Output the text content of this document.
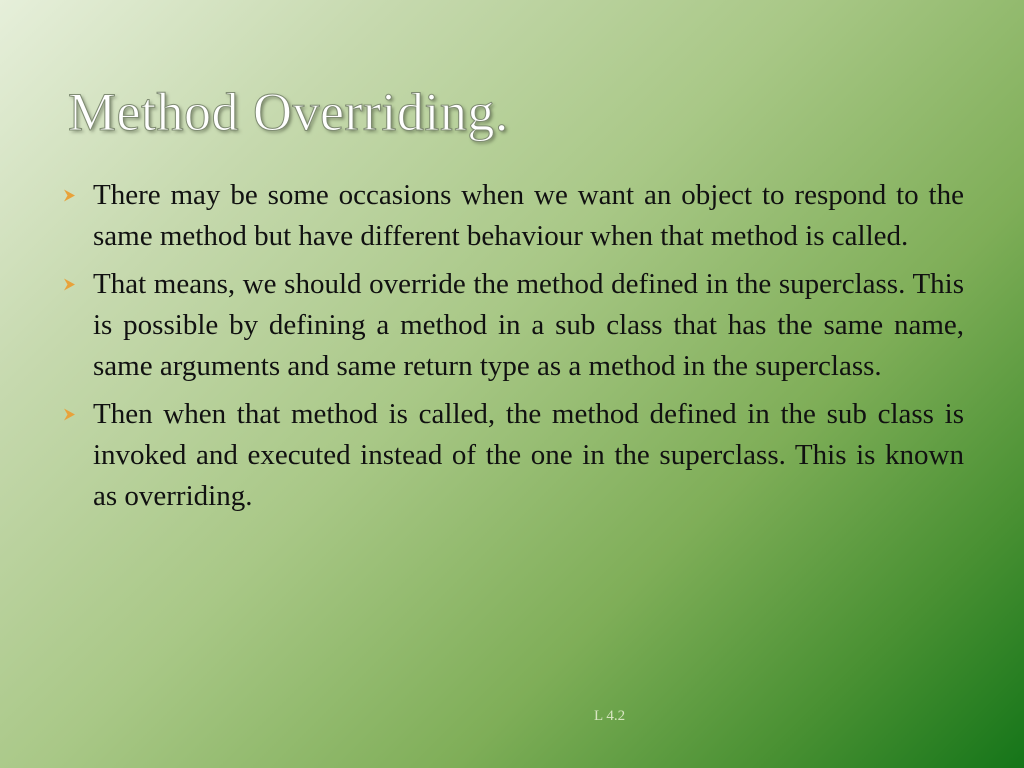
Method Overriding.
There may be some occasions when we want an object to respond to the same method but have different behaviour when that method is called.
That means, we should override the method defined in the superclass. This is possible by defining a method in a sub class that has the same name, same arguments and same return type as a method in the superclass.
Then when that method is called, the method defined in the sub class is invoked and executed instead of the one in the superclass. This is known as overriding.
L 4.2
